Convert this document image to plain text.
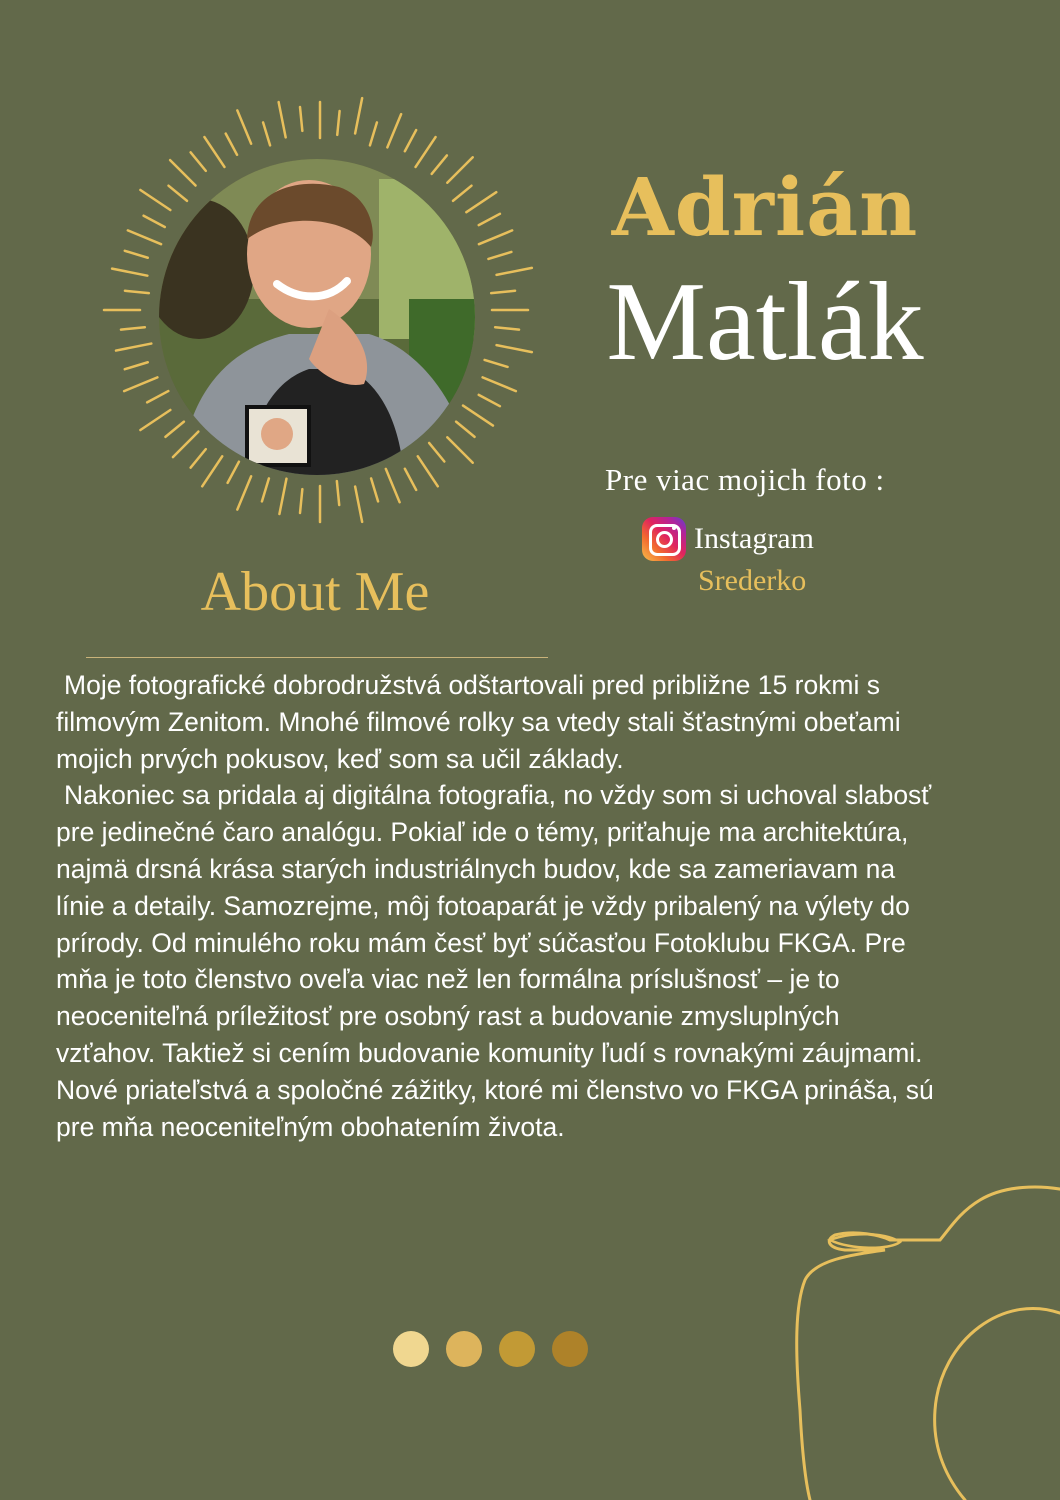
Adrián
Matlák
Pre viac mojich foto :
Instagram
Srederko
About Me

Moje fotografické dobrodružstvá odštartovali pred približne 15 rokmi s filmovým Zenitom. Mnohé filmové rolky sa vtedy stali šťastnými obeťami mojich prvých pokusov, keď som sa učil základy.

Nakoniec sa pridala aj digitálna fotografia, no vždy som si uchoval slabosť pre jedinečné čaro analógu. Pokiaľ ide o témy, priťahuje ma architektúra, najmä drsná krása starých industriálnych budov, kde sa zameriavam na línie a detaily. Samozrejme, môj fotoaparát je vždy pribalený na výlety do prírody. Od minulého roku mám česť byť súčasťou Fotoklubu FKGA. Pre mňa je toto členstvo oveľa viac než len formálna príslušnosť – je to neoceniteľná príležitosť pre osobný rast a budovanie zmysluplných vzťahov. Taktiež si cením budovanie komunity ľudí s rovnakými záujmami. Nové priateľstvá a spoločné zážitky, ktoré mi členstvo vo FKGA prináša, sú pre mňa neoceniteľným obohatením života.
